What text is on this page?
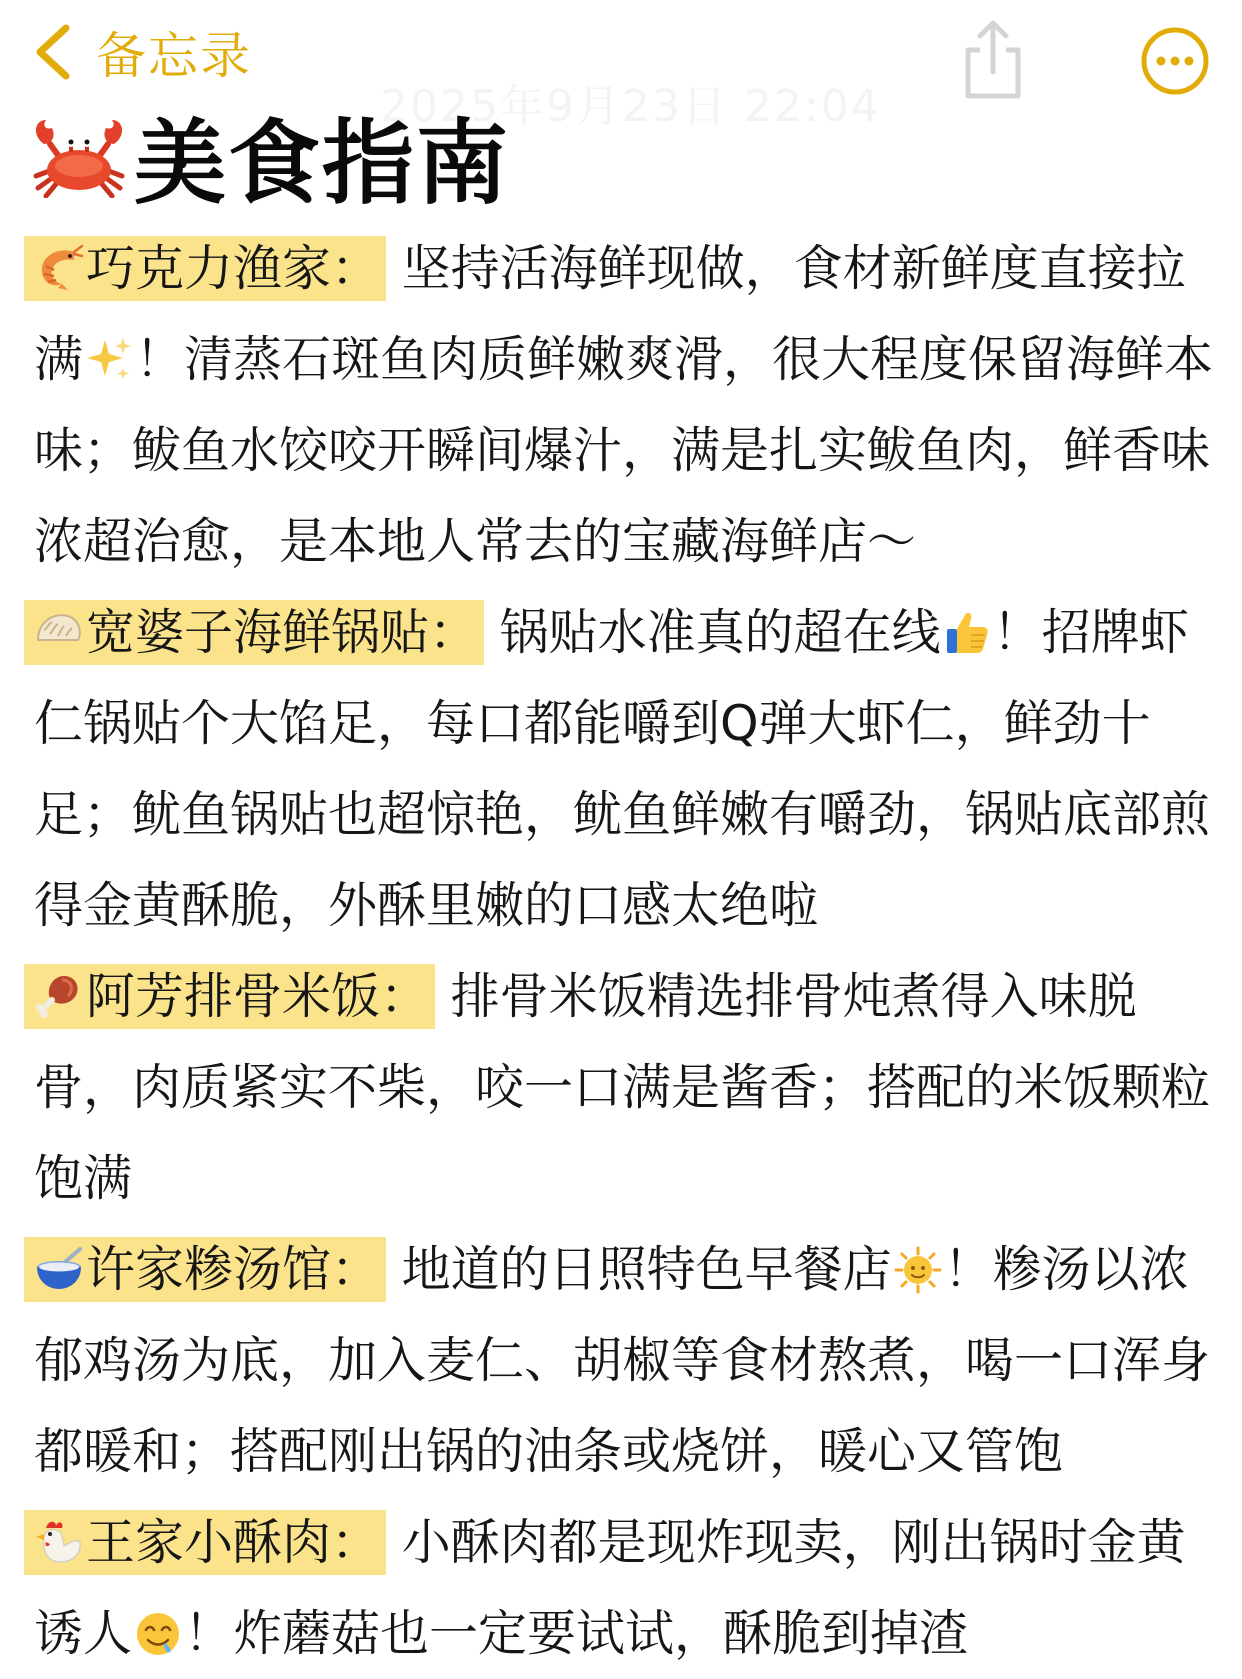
备忘录
2025年9月23日 22:04
美食指南
巧克力渔家： 坚持活海鲜现做，食材新鲜度直接拉满 ！清蒸石斑鱼肉质鲜嫩爽滑，很大程度保留海鲜本味；鲅鱼水饺咬开瞬间爆汁，满是扎实鲅鱼肉，鲜香味浓超治愈，是本地人常去的宝藏海鲜店～
宽婆子海鲜锅贴： 锅贴水准真的超在线 ！招牌虾仁锅贴个大馅足，每口都能嚼到Q弹大虾仁，鲜劲十足；鱿鱼锅贴也超惊艳，鱿鱼鲜嫩有嚼劲，锅贴底部煎得金黄酥脆，外酥里嫩的口感太绝啦
阿芳排骨米饭： 排骨米饭精选排骨炖煮得入味脱骨，肉质紧实不柴，咬一口满是酱香；搭配的米饭颗粒饱满
许家糁汤馆： 地道的日照特色早餐店 ！糁汤以浓郁鸡汤为底，加入麦仁、胡椒等食材熬煮，喝一口浑身都暖和；搭配刚出锅的油条或烧饼，暖心又管饱
王家小酥肉： 小酥肉都是现炸现卖，刚出锅时金黄诱人 ！炸蘑菇也一定要试试，酥脆到掉渣
